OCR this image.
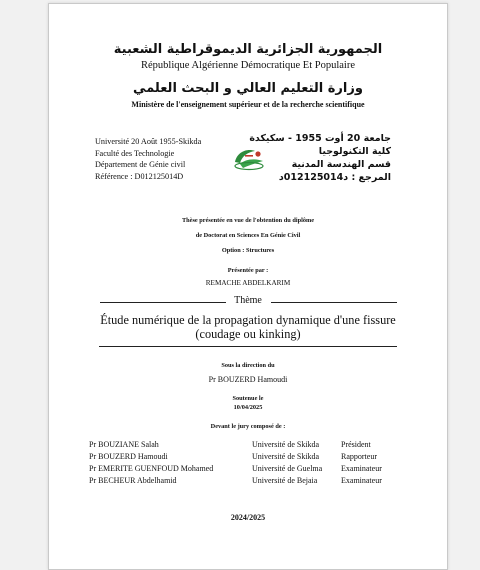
الجمهورية الجزائرية الديموقراطية الشعبية
République Algérienne Démocratique Et Populaire
وزارة التعليم العالي و البحث العلمي
Ministère de l'enseignement supérieur et de la recherche scientifique
Université 20 Août 1955-Skikda
Faculté des Technologie
Département de Génie civil
Référence : D012125014D
جامعة 20 أوت 1955 - سكيكدة
كلية التكنولوجيا
قسم الهندسة المدنية
المرجع : د012125014د
Thèse présentée en vue de l'obtention du diplôme
de Doctorat en Sciences En Génie Civil
Option : Structures
Présentée par :
REMACHE ABDELKARIM
Thème
Étude numérique de la propagation dynamique d'une fissure (coudage ou kinking)
Sous la direction du
Pr BOUZERD Hamoudi
Soutenue le
10/04/2025
Devant le jury composé de :
Pr BOUZIANE Salah	Université de Skikda	Président
Pr BOUZERD Hamoudi	Université de Skikda	Rapporteur
Pr EMERITE GUENFOUD Mohamed	Université de Guelma Examinateur
Pr BECHEUR Abdelhamid	Université de Bejaia	Examinateur
2024/2025
